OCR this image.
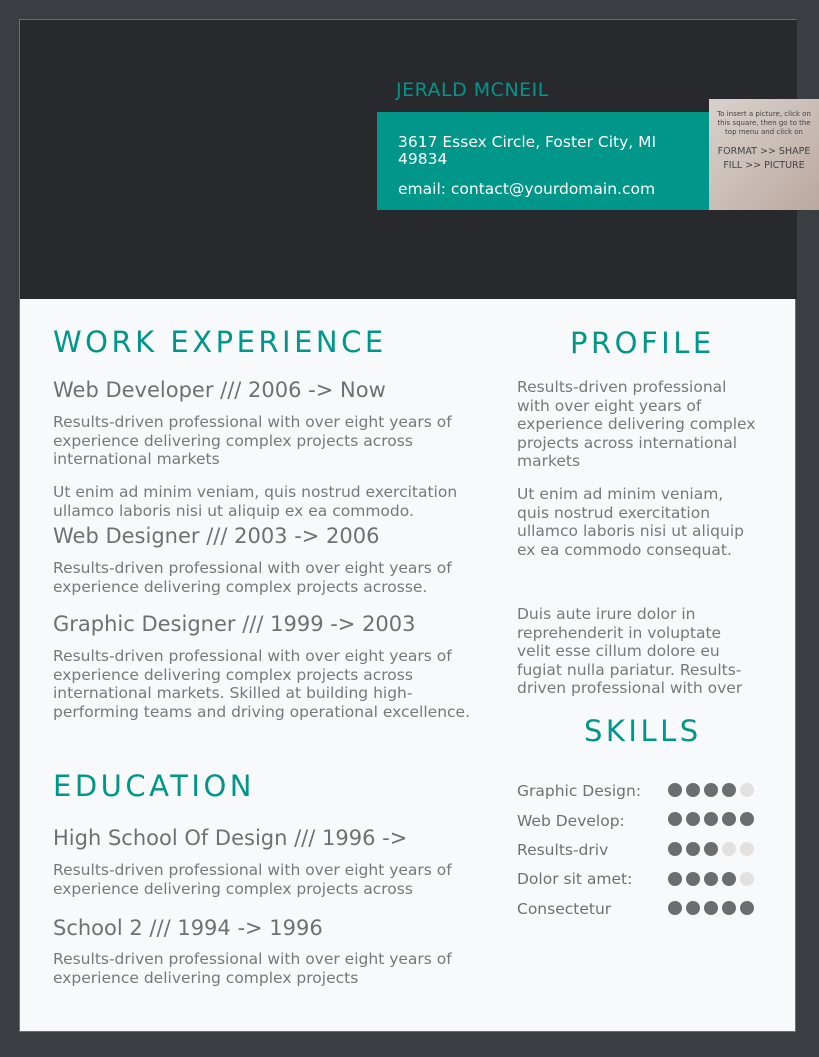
JERALD MCNEIL
3617 Essex Circle, Foster City, MI 49834
email: contact@yourdomain.com
To insert a picture, click on this square, then go to the top menu and click on
FORMAT >> SHAPE FILL >> PICTURE
WORK EXPERIENCE
Web Developer /// 2006 -> Now

Results-driven professional with over eight years of experience delivering complex projects across international markets

Ut enim ad minim veniam, quis nostrud exercitation ullamco laboris nisi ut aliquip ex ea commodo.

Web Designer /// 2003 -> 2006

Results-driven professional with over eight years of experience delivering complex projects acrosse.

Graphic Designer /// 1999 -> 2003

Results-driven professional with over eight years of experience delivering complex projects across international markets. Skilled at building high-performing teams and driving operational excellence.

EDUCATION
High School Of Design /// 1996 ->

Results-driven professional with over eight years of experience delivering complex projects across

School 2 /// 1994 -> 1996

Results-driven professional with over eight years of experience delivering complex projects

PROFILE

Results-driven professional with over eight years of experience delivering complex projects across international markets

Ut enim ad minim veniam, quis nostrud exercitation ullamco laboris nisi ut aliquip ex ea commodo consequat.

Duis aute irure dolor in reprehenderit in voluptate velit esse cillum dolore eu fugiat nulla pariatur. Results-driven professional with over

SKILLS
Graphic Design:
Web Develop:
Results-driv
Dolor sit amet:
Consectetur
